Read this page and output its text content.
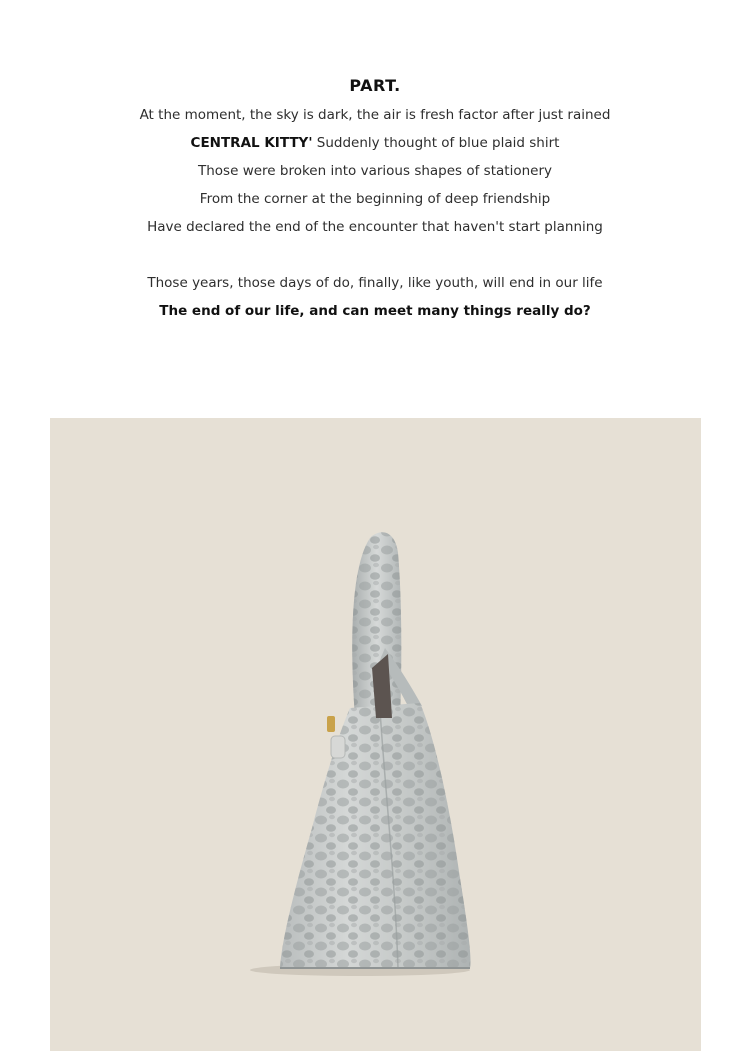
PART.
At the moment, the sky is dark, the air is fresh factor after just rained
CENTRAL KITTY' Suddenly thought of blue plaid shirt
Those were broken into various shapes of stationery
From the corner at the beginning of deep friendship
Have declared the end of the encounter that haven't start planning
Those years, those days of do, finally, like youth, will end in our life
The end of our life, and can meet many things really do?
